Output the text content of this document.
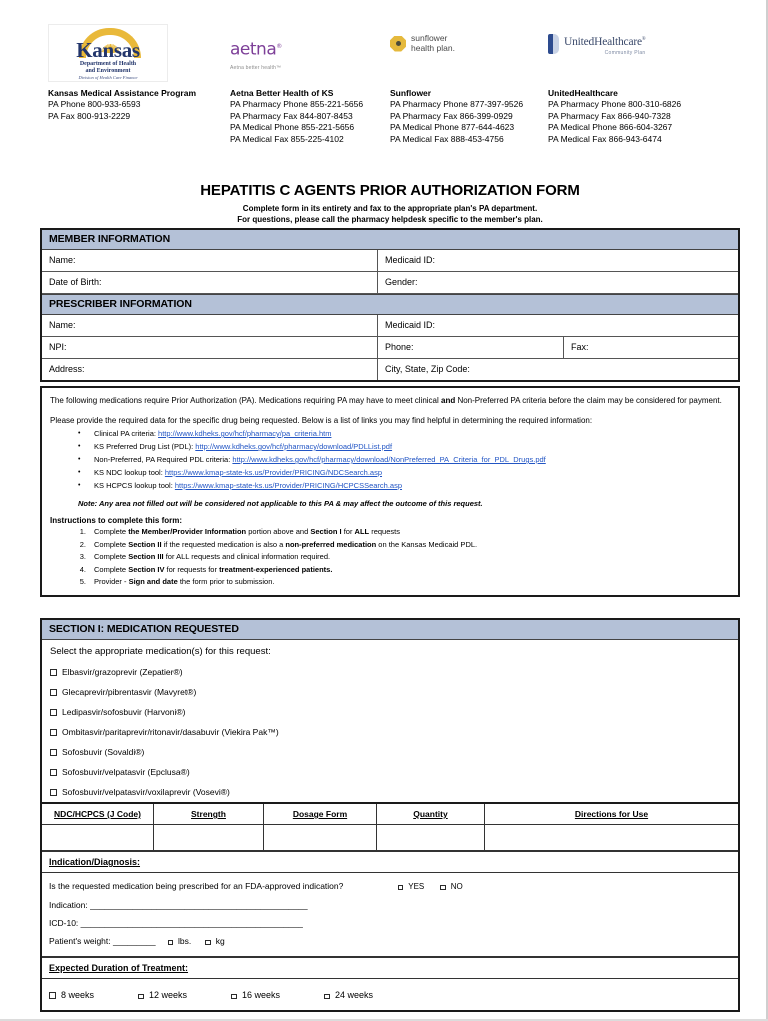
Kansas
Department of Health
and Environment
Division of Health Care Finance
Kansas Medical Assistance Program
PA Phone 800-933-6593
PA Fax 800-913-2229
aetna®
Aetna better health™
Aetna Better Health of KS
PA Pharmacy Phone 855-221-5656
PA Pharmacy Fax 844-807-8453
PA Medical Phone 855-221-5656
PA Medical Fax 855-225-4102
sunflower
health plan.
Sunflower
PA Pharmacy Phone 877-397-9526
PA Pharmacy Fax 866-399-0929
PA Medical Phone 877-644-4623
PA Medical Fax 888-453-4756
UnitedHealthcare®
Community Plan
UnitedHealthcare
PA Pharmacy Phone 800-310-6826
PA Pharmacy Fax 866-940-7328
PA Medical Phone 866-604-3267
PA Medical Fax 866-943-6474
HEPATITIS C AGENTS PRIOR AUTHORIZATION FORM
Complete form in its entirety and fax to the appropriate plan's PA department.
For questions, please call the pharmacy helpdesk specific to the member's plan.
MEMBER INFORMATION
Name:	Medicaid ID:
Date of Birth:	Gender:
PRESCRIBER INFORMATION
Name:	Medicaid ID:
NPI:	Phone:	Fax:
Address:	City, State, Zip Code:

The following medications require Prior Authorization (PA). Medications requiring PA may have to meet clinical and Non-Preferred PA criteria before the claim may be considered for payment.

Please provide the required data for the specific drug being requested. Below is a list of links you may find helpful in determining the required information:

• Clinical PA criteria: http://www.kdheks.gov/hcf/pharmacy/pa_criteria.htm
• KS Preferred Drug List (PDL): http://www.kdheks.gov/hcf/pharmacy/download/PDLList.pdf
• Non-Preferred, PA Required PDL criteria: http://www.kdheks.gov/hcf/pharmacy/download/NonPreferred_PA_Criteria_for_PDL_Drugs.pdf
• KS NDC lookup tool: https://www.kmap-state-ks.us/Provider/PRICING/NDCSearch.asp
• KS HCPCS lookup tool: https://www.kmap-state-ks.us/Provider/PRICING/HCPCSSearch.asp
Note: Any area not filled out will be considered not applicable to this PA & may affect the outcome of this request.
Instructions to complete this form:
Complete the Member/Provider Information portion above and Section I for ALL requests
Complete Section II if the requested medication is also a non-preferred medication on the Kansas Medicaid PDL.
Complete Section III for ALL requests and clinical information required.
Complete Section IV for requests for treatment-experienced patients.
Provider - Sign and date the form prior to submission.
SECTION I: MEDICATION REQUESTED
Select the appropriate medication(s) for this request:
Elbasvir/grazoprevir (Zepatier®)
Glecaprevir/pibrentasvir (Mavyret®)
Ledipasvir/sofosbuvir (Harvoni®)
Ombitasvir/paritaprevir/ritonavir/dasabuvir (Viekira Pak™)
Sofosbuvir (Sovaldi®)
Sofosbuvir/velpatasvir (Epclusa®)
Sofosbuvir/velpatasvir/voxilaprevir (Vosevi®)
NDC/HCPCS (J Code)	Strength	Dosage Form	Quantity	Directions for Use
Indication/Diagnosis:
Is the requested medication being prescribed for an FDA-approved indication?	YES	NO
Indication: ______________________________________________
ICD-10: _______________________________________________
Patient's weight: _________	lbs.	kg
Expected Duration of Treatment:
8 weeks	12 weeks	16 weeks	24 weeks
